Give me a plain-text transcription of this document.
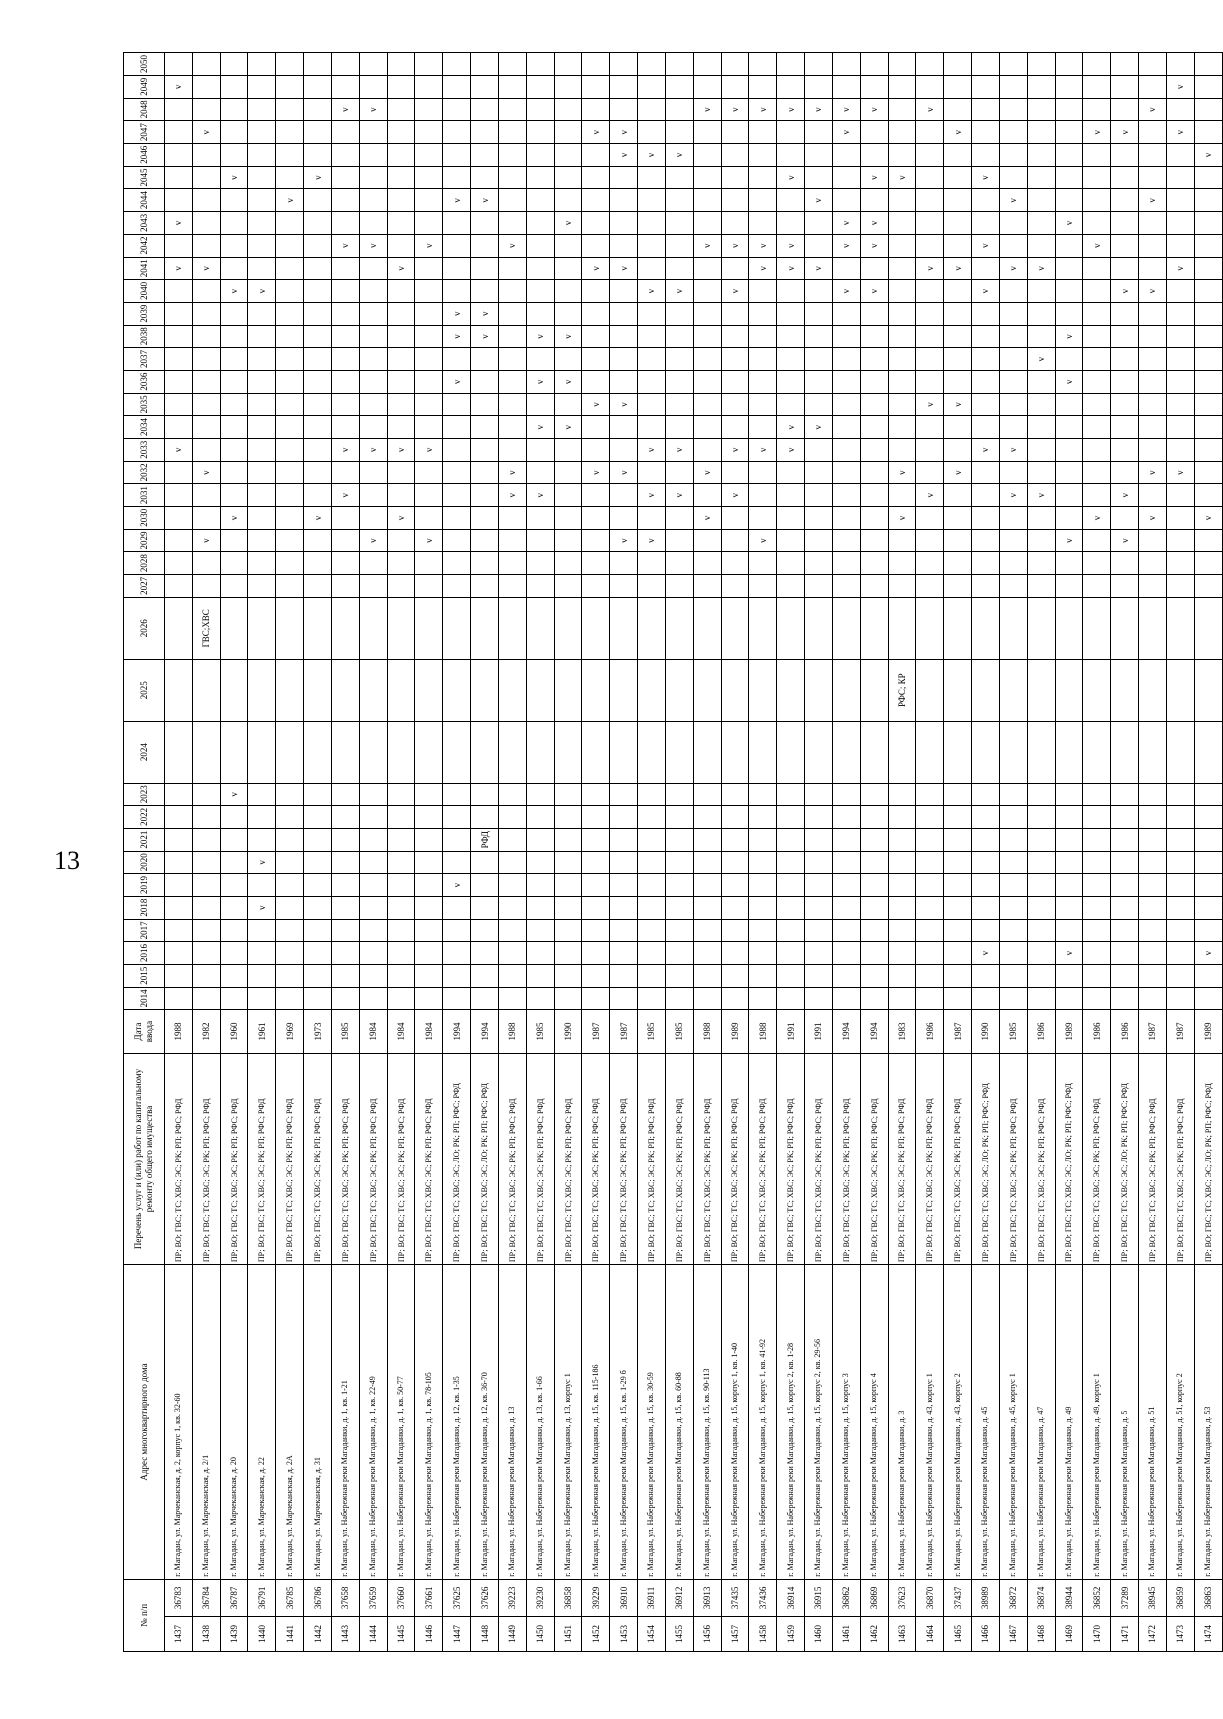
13
№ п/п		Адрес многоквартирного дома	Перечень услуг и (или) работ по капитальному ремонту общего имущества	Дата ввода	2014	2015	2016	2017	2018	2019	2020	2021	2022	2023	2024	2025	2026	2027	2028	2029	2030	2031	2032	2033	2034	2035	2036	2037	2038	2039	2040	2041	2042	2043	2044	2045	2046	2047	2048	2049	2050
1437	36783	г. Магадан, ул. Марчеканская, д. 2, корпус 1, кв. 32-60	ПР; ВО; ГВС; ТС; ХВС; ЭС; РК; РП; РФС; РФД	1988																				v								v		v						v	
1438	36784	г. Магадан, ул. Марчеканская, д. 2/1	ПР; ВО; ГВС; ТС; ХВС; ЭС; РК; РП; РФС; РФД	1982													ГВС;ХВС			v			v									v						v			
1439	36787	г. Магадан, ул. Марчеканская, д. 20	ПР; ВО; ГВС; ТС; ХВС; ЭС; РК; РП; РФС; РФД	1960										v							v										v					v					
1440	36791	г. Магадан, ул. Марчеканская, д. 22	ПР; ВО; ГВС; ТС; ХВС; ЭС; РК; РП; РФС; РФД	1961					v		v																				v										
1441	36785	г. Магадан, ул. Марчеканская, д. 2А	ПР; ВО; ГВС; ТС; ХВС; ЭС; РК; РП; РФС; РФД	1969																															v						
1442	36786	г. Магадан, ул. Марчеканская, д. 31	ПР; ВО; ГВС; ТС; ХВС; ЭС; РК; РП; РФС; РФД	1973																	v															v					
1443	37658	г. Магадан, ул. Набережная реки Магаданки, д. 1, кв. 1-21	ПР; ВО; ГВС; ТС; ХВС; ЭС; РК; РП; РФС; РФД	1985																		v		v									v						v		
1444	37659	г. Магадан, ул. Набережная реки Магаданки, д. 1, кв. 22-49	ПР; ВО; ГВС; ТС; ХВС; ЭС; РК; РП; РФС; РФД	1984																v				v									v						v		
1445	37660	г. Магадан, ул. Набережная реки Магаданки, д. 1, кв. 50-77	ПР; ВО; ГВС; ТС; ХВС; ЭС; РК; РП; РФС; РФД	1984																	v			v								v									
1446	37661	г. Магадан, ул. Набережная реки Магаданки, д. 1, кв. 78-105	ПР; ВО; ГВС; ТС; ХВС; ЭС; РК; РП; РФС; РФД	1984																v				v									v								
1447	37625	г. Магадан, ул. Набережная реки Магаданки, д. 12, кв. 1-35	ПР; ВО; ГВС; ТС; ХВС; ЭС; ЛО; РК; РП; РФС; РФД	1994						v																	v		v	v					v						
1448	37626	г. Магадан, ул. Набережная реки Магаданки, д. 12, кв. 36-70	ПР; ВО; ГВС; ТС; ХВС; ЭС; ЛО; РК; РП; РФС; РФД	1994								РФД																	v	v					v						
1449	39223	г. Магадан, ул. Набережная реки Магаданки, д. 13	ПР; ВО; ГВС; ТС; ХВС; ЭС; РК; РП; РФС; РФД	1988																		v	v										v								
1450	39230	г. Магадан, ул. Набережная реки Магаданки, д. 13, кв. 1-66	ПР; ВО; ГВС; ТС; ХВС; ЭС; РК; РП; РФС; РФД	1985																		v			v		v		v												
1451	36858	г. Магадан, ул. Набережная реки Магаданки, д. 13, корпус 1	ПР; ВО; ГВС; ТС; ХВС; ЭС; РК; РП; РФС; РФД	1990																					v		v		v					v							
1452	39229	г. Магадан, ул. Набережная реки Магаданки, д. 15, кв. 115-186	ПР; ВО; ГВС; ТС; ХВС; ЭС; РК; РП; РФС; РФД	1987																			v			v						v						v			
1453	36910	г. Магадан, ул. Набережная реки Магаданки, д. 15, кв. 1-29 б	ПР; ВО; ГВС; ТС; ХВС; ЭС; РК; РП; РФС; РФД	1987																v			v			v						v					v	v			
1454	36911	г. Магадан, ул. Набережная реки Магаданки, д. 15, кв. 30-59	ПР; ВО; ГВС; ТС; ХВС; ЭС; РК; РП; РФС; РФД	1985																v		v		v							v						v				
1455	36912	г. Магадан, ул. Набережная реки Магаданки, д. 15, кв. 60-88	ПР; ВО; ГВС; ТС; ХВС; ЭС; РК; РП; РФС; РФД	1985																		v		v							v						v				
1456	36913	г. Магадан, ул. Набережная реки Магаданки, д. 15, кв. 90-113	ПР; ВО; ГВС; ТС; ХВС; ЭС; РК; РП; РФС; РФД	1988																	v		v										v						v		
1457	37435	г. Магадан, ул. Набережная реки Магаданки, д. 15, корпус 1, кв. 1-40	ПР; ВО; ГВС; ТС; ХВС; ЭС; РК; РП; РФС; РФД	1989																		v		v							v		v						v		
1458	37436	г. Магадан, ул. Набережная реки Магаданки, д. 15, корпус 1, кв. 41-92	ПР; ВО; ГВС; ТС; ХВС; ЭС; РК; РП; РФС; РФД	1988																v				v								v	v						v		
1459	36914	г. Магадан, ул. Набережная реки Магаданки, д. 15, корпус 2, кв. 1-28	ПР; ВО; ГВС; ТС; ХВС; ЭС; РК; РП; РФС; РФД	1991																				v	v							v	v			v			v		
1460	36915	г. Магадан, ул. Набережная реки Магаданки, д. 15, корпус 2, кв. 29-56	ПР; ВО; ГВС; ТС; ХВС; ЭС; РК; РП; РФС; РФД	1991																					v							v			v				v		
1461	36862	г. Магадан, ул. Набережная реки Магаданки, д. 15, корпус 3	ПР; ВО; ГВС; ТС; ХВС; ЭС; РК; РП; РФС; РФД	1994																											v		v	v				v	v		
1462	36869	г. Магадан, ул. Набережная реки Магаданки, д. 15, корпус 4	ПР; ВО; ГВС; ТС; ХВС; ЭС; РК; РП; РФС; РФД	1994																											v		v	v		v			v		
1463	37623	г. Магадан, ул. Набережная реки Магаданки, д. 3	ПР; ВО; ГВС; ТС; ХВС; ЭС; РК; РП; РФС; РФД	1983												РФС; КР					v		v													v					
1464	36870	г. Магадан, ул. Набережная реки Магаданки, д. 43, корпус 1	ПР; ВО; ГВС; ТС; ХВС; ЭС; РК; РП; РФС; РФД	1986																		v				v						v							v		
1465	37437	г. Магадан, ул. Набережная реки Магаданки, д. 43, корпус 2	ПР; ВО; ГВС; ТС; ХВС; ЭС; РК; РП; РФС; РФД	1987																			v			v						v						v			
1466	38989	г. Магадан, ул. Набережная реки Магаданки, д. 45	ПР; ВО; ГВС; ТС; ХВС; ЭС; ЛО; РК; РП; РФС; РФД	1990			v																	v							v		v			v					
1467	36872	г. Магадан, ул. Набережная реки Магаданки, д. 45, корпус 1	ПР; ВО; ГВС; ТС; ХВС; ЭС; РК; РП; РФС; РФД	1985																		v		v								v			v						
1468	36874	г. Магадан, ул. Набережная реки Магаданки, д. 47	ПР; ВО; ГВС; ТС; ХВС; ЭС; РК; РП; РФС; РФД	1986																		v						v				v									
1469	38944	г. Магадан, ул. Набережная реки Магаданки, д. 49	ПР; ВО; ГВС; ТС; ХВС; ЭС; ЛО; РК; РП; РФС; РФД	1989			v													v							v		v					v							
1470	36852	г. Магадан, ул. Набережная реки Магаданки, д. 49, корпус 1	ПР; ВО; ГВС; ТС; ХВС; ЭС; РК; РП; РФС; РФД	1986																	v												v					v			
1471	37289	г. Магадан, ул. Набережная реки Магаданки, д. 5	ПР; ВО; ГВС; ТС; ХВС; ЭС; ЛО; РК; РП; РФС; РФД	1986																v		v									v							v			
1472	38945	г. Магадан, ул. Набережная реки Магаданки, д. 51	ПР; ВО; ГВС; ТС; ХВС; ЭС; РК; РП; РФС; РФД	1987																	v		v								v				v				v		
1473	36859	г. Магадан, ул. Набережная реки Магаданки, д. 51, корпус 2	ПР; ВО; ГВС; ТС; ХВС; ЭС; РК; РП; РФС; РФД	1987																			v									v						v		v	
1474	36863	г. Магадан, ул. Набережная реки Магаданки, д. 53	ПР; ВО; ГВС; ТС; ХВС; ЭС; ЛО; РК; РП; РФС; РФД	1989			v														v																v				
